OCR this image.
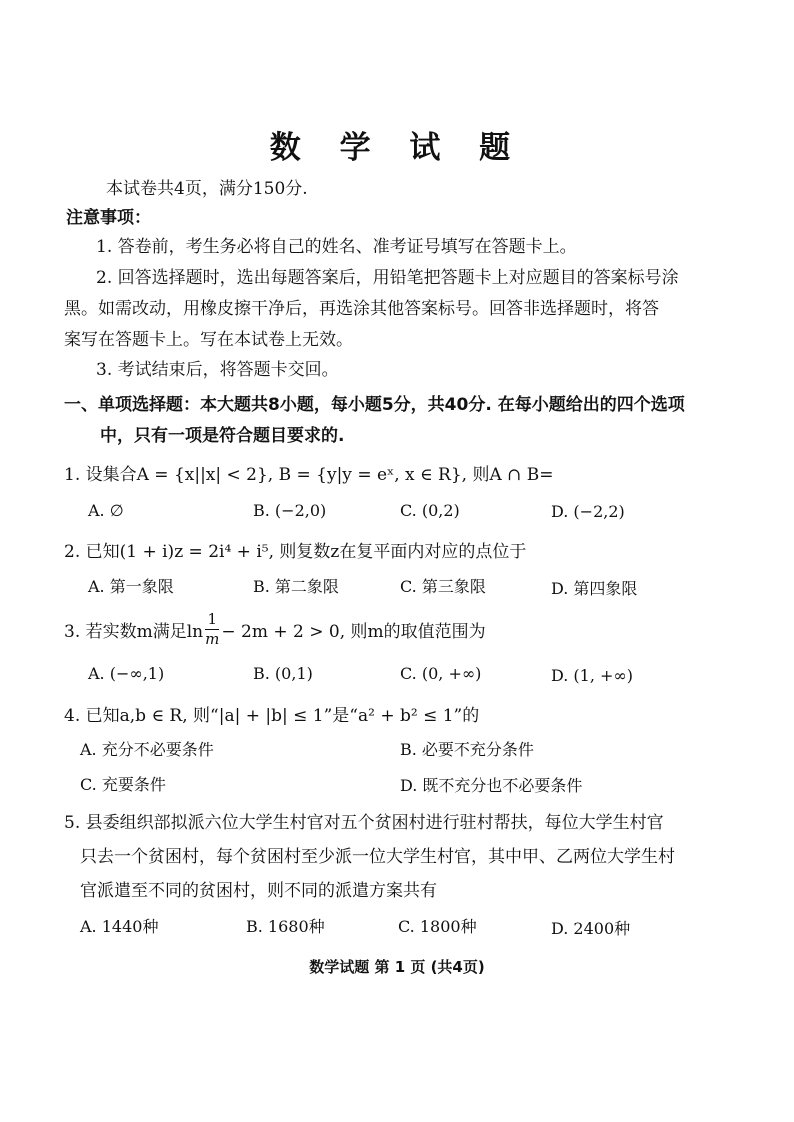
数 学 试 题
本试卷共4页，满分150分.
注意事项：
1. 答卷前，考生务必将自己的姓名、准考证号填写在答题卡上。
2. 回答选择题时，选出每题答案后，用铅笔把答题卡上对应题目的答案标号涂
黑。如需改动，用橡皮擦干净后，再选涂其他答案标号。回答非选择题时，将答
案写在答题卡上。写在本试卷上无效。
3. 考试结束后，将答题卡交回。
一、单项选择题：本大题共8小题，每小题5分，共40分. 在每小题给出的四个选项
中，只有一项是符合题目要求的.
1. 设集合A = {x||x| < 2}, B = {y|y = eˣ, x ∈ R}, 则A ∩ B=
A. ∅	B. (−2,0)	C. (0,2)	D. (−2,2)
2. 已知(1 + i)z = 2i⁴ + i⁵, 则复数z在复平面内对应的点位于
A. 第一象限	B. 第二象限	C. 第三象限	D. 第四象限
3. 若实数m满足$\ln \frac{1}{m} - 2m + 2 > 0$, 则m的取值范围为
A. (−∞,1)	B. (0,1)	C. (0, +∞)	D. (1, +∞)
4. 已知a,b ∈ R, 则“|a| + |b| ≤ 1”是“a² + b² ≤ 1”的
A. 充分不必要条件	B. 必要不充分条件
C. 充要条件	D. 既不充分也不必要条件
5. 县委组织部拟派六位大学生村官对五个贫困村进行驻村帮扶，每位大学生村官
只去一个贫困村，每个贫困村至少派一位大学生村官，其中甲、乙两位大学生村
官派遣至不同的贫困村，则不同的派遣方案共有
A. 1440种	B. 1680种	C. 1800种	D. 2400种
数学试题 第 1 页 (共4页)
